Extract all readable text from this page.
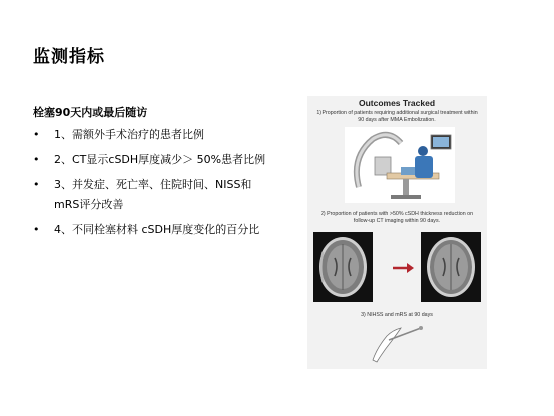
监测指标
栓塞90天内或最后随访
• 1、需额外手术治疗的患者比例
• 2、CT显示cSDH厚度减少＞ 50%患者比例
• 3、并发症、死亡率、住院时间、NISS和mRS评分改善
• 4、不同栓塞材料 cSDH厚度变化的百分比
Outcomes Tracked
1) Proportion of patients requiring additional surgical treatment within 90 days after MMA Embolization.
2) Proportion of patients with >50% cSDH thickness reduction on follow-up CT imaging within 90 days.
3) NIHSS and mRS at 90 days
